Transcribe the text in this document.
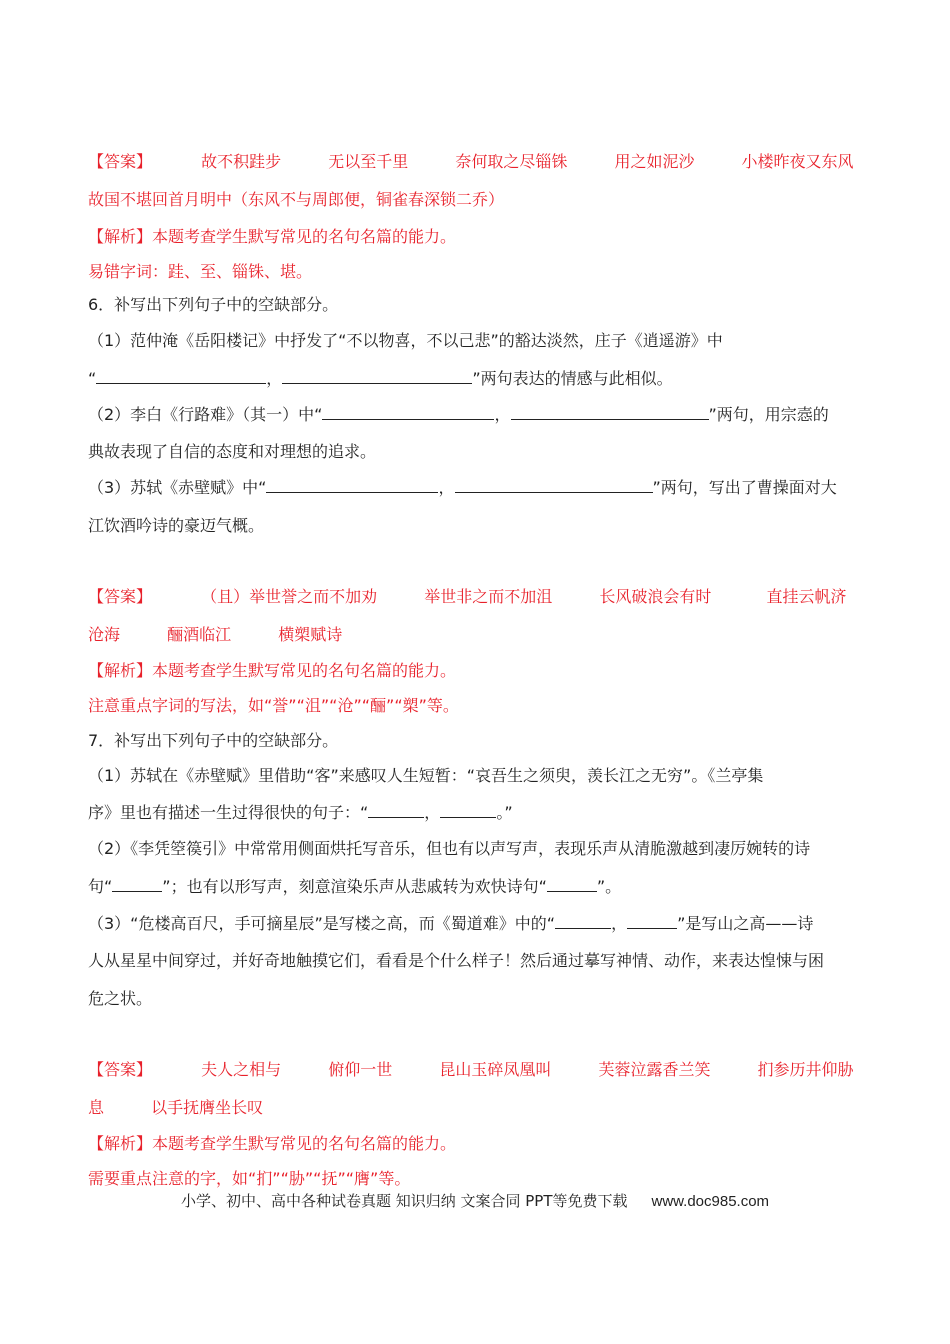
【答案】	故不积跬步	无以至千里	奈何取之尽锱铢	用之如泥沙	小楼昨夜又东风
故国不堪回首月明中（东风不与周郎便，铜雀春深锁二乔）
【解析】本题考查学生默写常见的名句名篇的能力。
易错字词：跬、至、锱铢、堪。
6．补写出下列句子中的空缺部分。
（1）范仲淹《岳阳楼记》中抒发了“不以物喜，不以己悲”的豁达淡然，庄子《逍遥游》中
“	，	”两句表达的情感与此相似。
（2）李白《行路难》（其一）中“	，	”两句，用宗悫的
典故表现了自信的态度和对理想的追求。
（3）苏轼《赤壁赋》中“	，	”两句，写出了曹操面对大
江饮酒吟诗的豪迈气概。
【答案】	（且）举世誉之而不加劝	举世非之而不加沮	长风破浪会有时	直挂云帆济
沧海	酾酒临江	横槊赋诗
【解析】本题考查学生默写常见的名句名篇的能力。
注意重点字词的写法，如“誉”“沮”“沧”“酾”“槊”等。
7．补写出下列句子中的空缺部分。
（1）苏轼在《赤壁赋》里借助“客”来感叹人生短暂：“哀吾生之须臾，羡长江之无穷”。《兰亭集
序》里也有描述一生过得很快的句子：“	，	。”
（2）《李凭箜篌引》中常常用侧面烘托写音乐，但也有以声写声，表现乐声从清脆激越到凄厉婉转的诗
句“	”；也有以形写声，刻意渲染乐声从悲戚转为欢快诗句“	”。
（3）“危楼高百尺，手可摘星辰”是写楼之高，而《蜀道难》中的“	，	”是写山之高——诗
人从星星中间穿过，并好奇地触摸它们，看看是个什么样子！然后通过摹写神情、动作，来表达惶悚与困
危之状。
【答案】	夫人之相与	俯仰一世	昆山玉碎凤凰叫	芙蓉泣露香兰笑	扪参历井仰胁
息	以手抚膺坐长叹
【解析】本题考查学生默写常见的名句名篇的能力。
需要重点注意的字，如“扪”“胁”“抚”“膺”等。
小学、初中、高中各种试卷真题 知识归纳 文案合同 PPT等免费下载 www.doc985.com
